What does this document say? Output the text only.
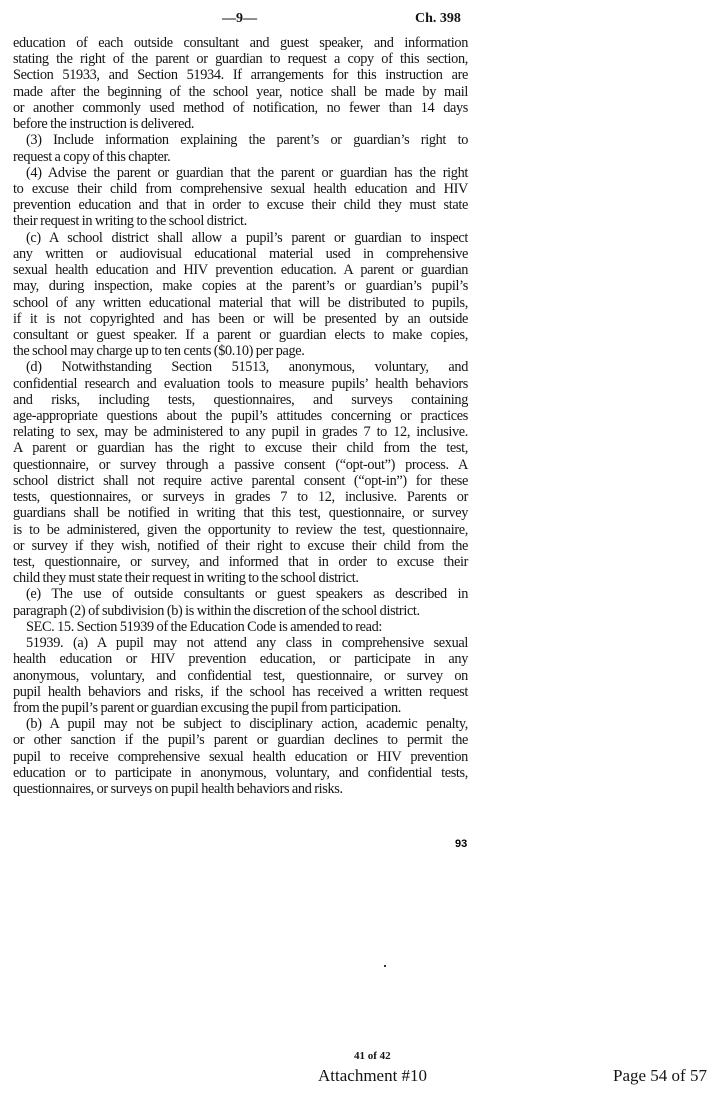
—9—	Ch. 398
education of each outside consultant and guest speaker, and information
stating the right of the parent or guardian to request a copy of this section,
Section 51933, and Section 51934. If arrangements for this instruction are
made after the beginning of the school year, notice shall be made by mail
or another commonly used method of notification, no fewer than 14 days
before the instruction is delivered.
(3) Include information explaining the parent’s or guardian’s right to
request a copy of this chapter.
(4) Advise the parent or guardian that the parent or guardian has the right
to excuse their child from comprehensive sexual health education and HIV
prevention education and that in order to excuse their child they must state
their request in writing to the school district.
(c) A school district shall allow a pupil’s parent or guardian to inspect
any written or audiovisual educational material used in comprehensive
sexual health education and HIV prevention education. A parent or guardian
may, during inspection, make copies at the parent’s or guardian’s pupil’s
school of any written educational material that will be distributed to pupils,
if it is not copyrighted and has been or will be presented by an outside
consultant or guest speaker. If a parent or guardian elects to make copies,
the school may charge up to ten cents ($0.10) per page.
(d) Notwithstanding Section 51513, anonymous, voluntary, and
confidential research and evaluation tools to measure pupils’ health behaviors
and risks, including tests, questionnaires, and surveys containing
age-appropriate questions about the pupil’s attitudes concerning or practices
relating to sex, may be administered to any pupil in grades 7 to 12, inclusive.
A parent or guardian has the right to excuse their child from the test,
questionnaire, or survey through a passive consent (“opt-out”) process. A
school district shall not require active parental consent (“opt-in”) for these
tests, questionnaires, or surveys in grades 7 to 12, inclusive. Parents or
guardians shall be notified in writing that this test, questionnaire, or survey
is to be administered, given the opportunity to review the test, questionnaire,
or survey if they wish, notified of their right to excuse their child from the
test, questionnaire, or survey, and informed that in order to excuse their
child they must state their request in writing to the school district.
(e) The use of outside consultants or guest speakers as described in
paragraph (2) of subdivision (b) is within the discretion of the school district.
SEC. 15. Section 51939 of the Education Code is amended to read:
51939. (a) A pupil may not attend any class in comprehensive sexual
health education or HIV prevention education, or participate in any
anonymous, voluntary, and confidential test, questionnaire, or survey on
pupil health behaviors and risks, if the school has received a written request
from the pupil’s parent or guardian excusing the pupil from participation.
(b) A pupil may not be subject to disciplinary action, academic penalty,
or other sanction if the pupil’s parent or guardian declines to permit the
pupil to receive comprehensive sexual health education or HIV prevention
education or to participate in anonymous, voluntary, and confidential tests,
questionnaires, or surveys on pupil health behaviors and risks.
93
41 of 42
Attachment #10	Page 54 of 57
